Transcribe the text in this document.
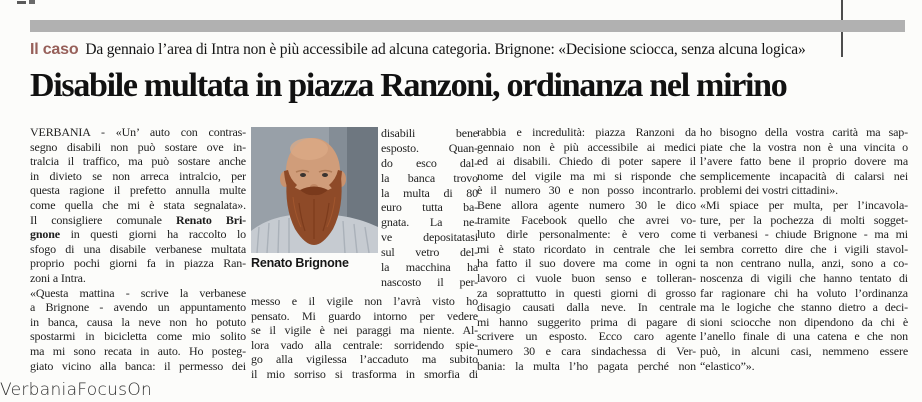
Il caso Da gennaio l’area di Intra non è più accessibile ad alcuna categoria. Brignone: «Decisione sciocca, senza alcuna logica»
Disabile multata in piazza Ranzoni, ordinanza nel mirino
VERBANIA - «Un’ auto con contras-
segno disabili non può sostare ove in-
tralcia il traffico, ma può sostare anche
in divieto se non arreca intralcio, per
questa ragione il prefetto annulla multe
come quella che mi è stata segnalata».
Il consigliere comunale Renato Bri-
gnone in questi giorni ha raccolto lo
sfogo di una disabile verbanese multata
proprio pochi giorni fa in piazza Ran-
zoni a Intra.
«Questa mattina - scrive la verbanese
a Brignone - avendo un appuntamento
in banca, causa la neve non ho potuto
spostarmi in bicicletta come mio solito
ma mi sono recata in auto. Ho posteg-
giato vicino alla banca: il permesso dei
Renato Brignone
disabili bene
esposto. Quan-
do esco dal-
la banca trovo
la multa di 80
euro tutta ba-
gnata. La ne-
ve depositatasi
sul vetro del-
la macchina ha
nascosto il per-
messo e il vigile non l’avrà visto ho
pensato. Mi guardo intorno per vedere
se il vigile è nei paraggi ma niente. Al-
lora vado alla centrale: sorridendo spie-
go alla vigilessa l’accaduto ma subito
il mio sorriso si trasforma in smorfia di
rabbia e incredulità: piazza Ranzoni da
gennaio non è più accessibile ai medici
ed ai disabili. Chiedo di poter sapere il
nome del vigile ma mi si risponde che
è il numero 30 e non posso incontrarlo.
Bene allora agente numero 30 le dico
tramite Facebook quello che avrei vo-
luto dirle personalmente: è vero come
mi è stato ricordato in centrale che lei
ha fatto il suo dovere ma come in ogni
lavoro ci vuole buon senso e tolleran-
za soprattutto in questi giorni di grosso
disagio causati dalla neve. In centrale
mi hanno suggerito prima di pagare di
scrivere un esposto. Ecco caro agente
numero 30 e cara sindachessa di Ver-
bania: la multa l’ho pagata perché non
ho bisogno della vostra carità ma sap-
piate che la vostra non è una vincita o
l’avere fatto bene il proprio dovere ma
semplicemente incapacità di calarsi nei
problemi dei vostri cittadini».
«Mi spiace per multa, per l’incavola-
ture, per la pochezza di molti sogget-
ti verbanesi - chiude Brignone - ma mi
sembra corretto dire che i vigili stavol-
ta non centrano nulla, anzi, sono a co-
noscenza di vigili che hanno tentato di
far ragionare chi ha voluto l’ordinanza
ma le logiche che stanno dietro a deci-
sioni sciocche non dipendono da chi è
l’anello finale di una catena e che non
può, in alcuni casi, nemmeno essere
“elastico”».
VerbaniaFocusOn
